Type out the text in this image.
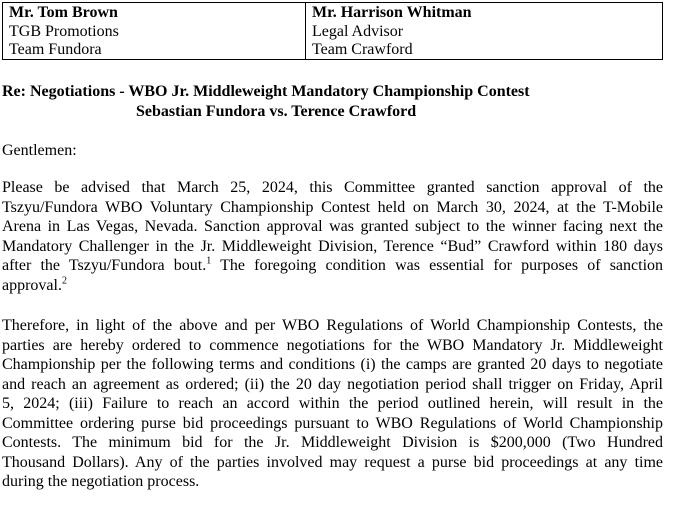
Mr. Tom Brown
TGB Promotions
Team Fundora
Mr. Harrison Whitman
Legal Advisor
Team Crawford
Re: Negotiations - WBO Jr. Middleweight Mandatory Championship Contest
Sebastian Fundora vs. Terence Crawford
Gentlemen:
Please be advised that March 25, 2024, this Committee granted sanction approval of the
Tszyu/Fundora WBO Voluntary Championship Contest held on March 30, 2024, at the T-Mobile
Arena in Las Vegas, Nevada. Sanction approval was granted subject to the winner facing next the
Mandatory Challenger in the Jr. Middleweight Division, Terence “Bud” Crawford within 180 days
after the Tszyu/Fundora bout.$^1$ The foregoing condition was essential for purposes of sanction
approval.$^2$
Therefore, in light of the above and per WBO Regulations of World Championship Contests, the
parties are hereby ordered to commence negotiations for the WBO Mandatory Jr. Middleweight
Championship per the following terms and conditions (i) the camps are granted 20 days to negotiate
and reach an agreement as ordered; (ii) the 20 day negotiation period shall trigger on Friday, April
5, 2024; (iii) Failure to reach an accord within the period outlined herein, will result in the
Committee ordering purse bid proceedings pursuant to WBO Regulations of World Championship
Contests. The minimum bid for the Jr. Middleweight Division is $200,000 (Two Hundred
Thousand Dollars). Any of the parties involved may request a purse bid proceedings at any time
during the negotiation process.
